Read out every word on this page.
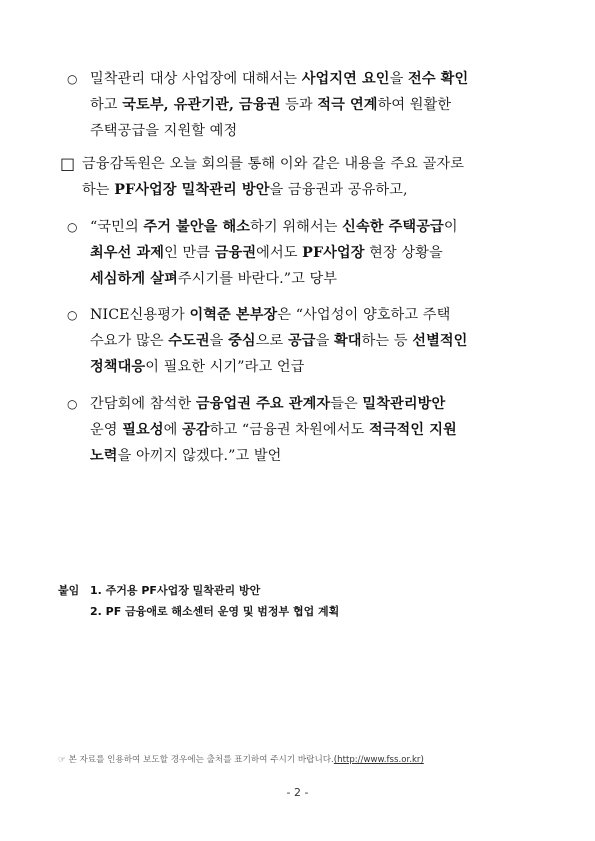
○ 밀착관리 대상 사업장에 대해서는 사업지연 요인을 전수 확인
하고 국토부, 유관기관, 금융권 등과 적극 연계하여 원활한
주택공급을 지원할 예정
□ 금융감독원은 오늘 회의를 통해 이와 같은 내용을 주요 골자로
하는 PF사업장 밀착관리 방안을 금융권과 공유하고,
○ “국민의 주거 불안을 해소하기 위해서는 신속한 주택공급이
최우선 과제인 만큼 금융권에서도 PF사업장 현장 상황을
세심하게 살펴주시기를 바란다.”고 당부
○ NICE신용평가 이혁준 본부장은 “사업성이 양호하고 주택
수요가 많은 수도권을 중심으로 공급을 확대하는 등 선별적인
정책대응이 필요한 시기”라고 언급
○ 간담회에 참석한 금융업권 주요 관계자들은 밀착관리방안
운영 필요성에 공감하고 “금융권 차원에서도 적극적인 지원
노력을 아끼지 않겠다.”고 발언
붙임 1. 주거용 PF사업장 밀착관리 방안
2. PF 금융애로 해소센터 운영 및 범정부 협업 계획
☞ 본 자료를 인용하여 보도할 경우에는 출처를 표기하여 주시기 바랍니다.(http://www.fss.or.kr)
- 2 -
